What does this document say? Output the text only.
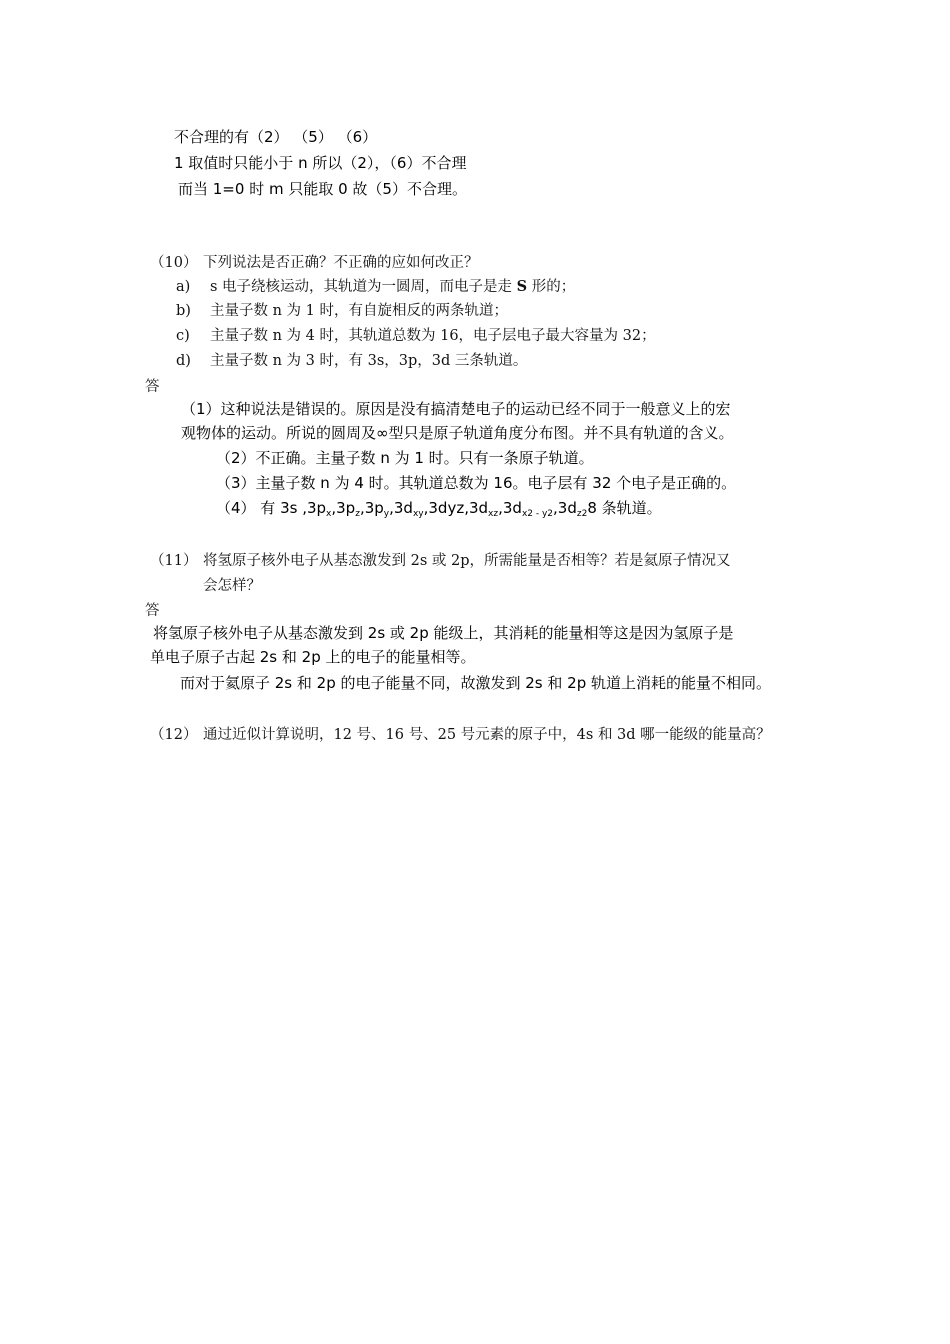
不合理的有（2） （5） （6）
1 取值时只能小于 n 所以（2），（6）不合理
而当 1=0 时 m 只能取 0 故（5）不合理。
（10） 下列说法是否正确？不正确的应如何改正？
a) s 电子绕核运动，其轨道为一圆周，而电子是走 S 形的；
b) 主量子数 n 为 1 时，有自旋相反的两条轨道；
c) 主量子数 n 为 4 时，其轨道总数为 16，电子层电子最大容量为 32；
d) 主量子数 n 为 3 时，有 3s，3p，3d 三条轨道。
答
（1）这种说法是错误的。原因是没有搞清楚电子的运动已经不同于一般意义上的宏
观物体的运动。所说的圆周及∞型只是原子轨道角度分布图。并不具有轨道的含义。
（2）不正确。主量子数 n 为 1 时。只有一条原子轨道。
（3）主量子数 n 为 4 时。其轨道总数为 16。电子层有 32 个电子是正确的。
（4） 有 3s $,3p_x,3p_z,3p_y,3d_{xy},3dyz,3d_{xz},3d_{x2 - y2},3d_{z2}8$ 条轨道。
（11） 将氢原子核外电子从基态激发到 2s 或 2p，所需能量是否相等？若是氦原子情况又
会怎样？
答
将氢原子核外电子从基态激发到 2s 或 2p 能级上，其消耗的能量相等这是因为氢原子是
单电子原子古起 2s 和 2p 上的电子的能量相等。
而对于氦原子 2s 和 2p 的电子能量不同，故激发到 2s 和 2p 轨道上消耗的能量不相同。
（12） 通过近似计算说明，12 号、16 号、25 号元素的原子中，4s 和 3d 哪一能级的能量高？
